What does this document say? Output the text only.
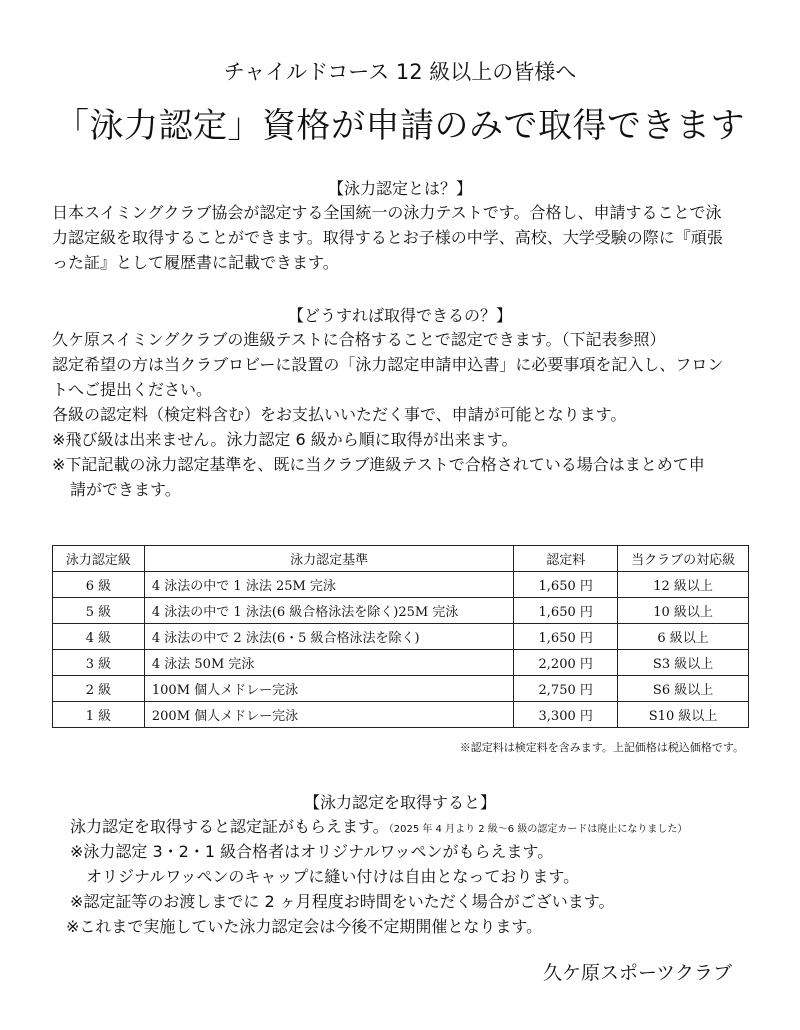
チャイルドコース 12 級以上の皆様へ
「泳力認定」資格が申請のみで取得できます
【泳力認定とは？】
日本スイミングクラブ協会が認定する全国統一の泳力テストです。合格し、申請することで泳
力認定級を取得することができます。取得するとお子様の中学、高校、大学受験の際に『頑張
った証』として履歴書に記載できます。
【どうすれば取得できるの？】
久ケ原スイミングクラブの進級テストに合格することで認定できます。（下記表参照）
認定希望の方は当クラブロビーに設置の「泳力認定申請申込書」に必要事項を記入し、フロン
トへご提出ください。
各級の認定料（検定料含む）をお支払いいただく事で、申請が可能となります。
※飛び級は出来ません。泳力認定 6 級から順に取得が出来ます。
※下記記載の泳力認定基準を、既に当クラブ進級テストで合格されている場合はまとめて申
請ができます。
泳力認定級	泳力認定基準	認定料	当クラブの対応級
6 級	4 泳法の中で 1 泳法 25M 完泳	1,650 円	12 級以上
5 級	4 泳法の中で 1 泳法(6 級合格泳法を除く)25M 完泳	1,650 円	10 級以上
4 級	4 泳法の中で 2 泳法(6・5 級合格泳法を除く)	1,650 円	6 級以上
3 級	4 泳法 50M 完泳	2,200 円	S3 級以上
2 級	100M 個人メドレー完泳	2,750 円	S6 級以上
1 級	200M 個人メドレー完泳	3,300 円	S10 級以上
※認定料は検定料を含みます。上記価格は税込価格です。
【泳力認定を取得すると】
泳力認定を取得すると認定証がもらえます。（2025 年 4 月より 2 級～6 級の認定カードは廃止になりました）
※泳力認定 3・2・1 級合格者はオリジナルワッペンがもらえます。
オリジナルワッペンのキャップに縫い付けは自由となっております。
※認定証等のお渡しまでに 2 ヶ月程度お時間をいただく場合がございます。
※これまで実施していた泳力認定会は今後不定期開催となります。
久ケ原スポーツクラブ
